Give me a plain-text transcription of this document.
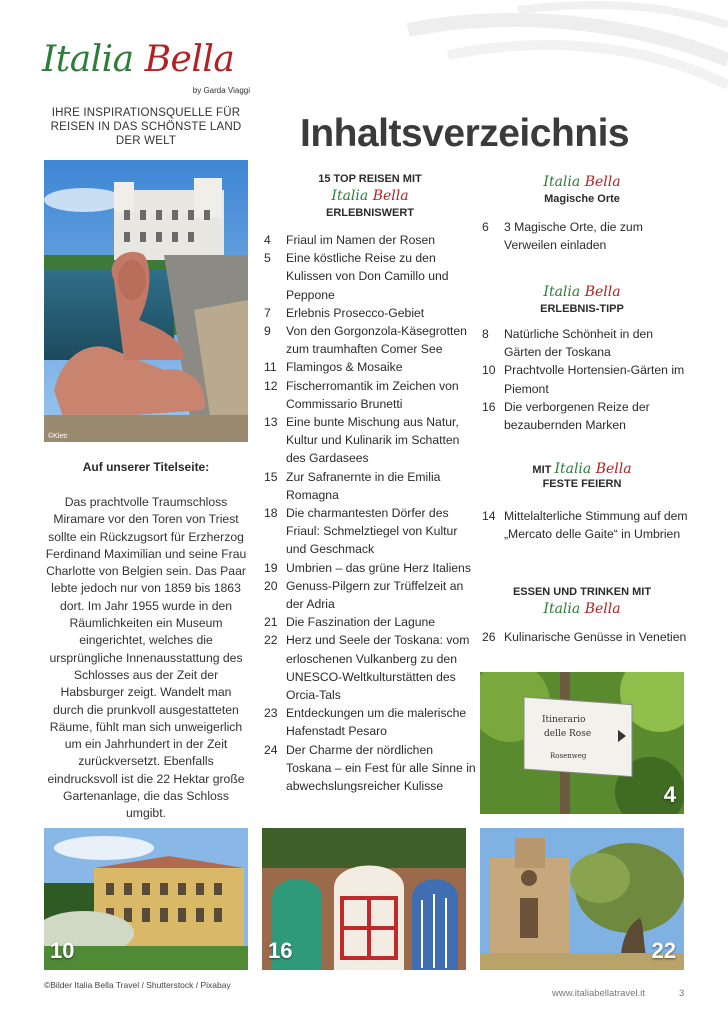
Italia Bella
by Garda Viaggi
IHRE INSPIRATIONSQUELLE FÜR REISEN IN DAS SCHÖNSTE LAND DER WELT
©Kletr
Auf unserer Titelseite:

Das prachtvolle Traumschloss Miramare vor den Toren von Triest sollte ein Rückzugsort für Erzherzog Ferdinand Maximilian und seine Frau Charlotte von Belgien sein. Das Paar lebte jedoch nur von 1859 bis 1863 dort. Im Jahr 1955 wurde in den Räumlichkeiten ein Museum eingerichtet, welches die ursprüngliche Innenausstattung des Schlosses aus der Zeit der Habsburger zeigt. Wandelt man durch die prunkvoll ausgestatteten Räume, fühlt man sich unweigerlich um ein Jahrhundert in der Zeit zurückversetzt. Ebenfalls eindrucksvoll ist die 22 Hektar große Gartenanlage, die das Schloss umgibt.

Inhaltsverzeichnis
15 TOP REISEN MIT
Italia Bella
ERLEBNISWERT
4	Friaul im Namen der Rosen
5	Eine köstliche Reise zu den Kulissen von Don Camillo und Peppone
7	Erlebnis Prosecco-Gebiet
9	Von den Gorgonzola-Käsegrotten zum traumhaften Comer See
11 Flamingos & Mosaike
12 Fischerromantik im Zeichen von Commissario Brunetti
13 Eine bunte Mischung aus Natur, Kultur und Kulinarik im Schatten des Gardasees
15 Zur Safranernte in die Emilia Romagna
18 Die charmantesten Dörfer des Friaul: Schmelztiegel von Kultur und Geschmack
19 Umbrien – das grüne Herz Italiens
20 Genuss-Pilgern zur Trüffelzeit an der Adria
21 Die Faszination der Lagune
22 Herz und Seele der Toskana: vom erloschenen Vulkanberg zu den UNESCO-Weltkulturstätten des Orcia-Tals
23 Entdeckungen um die malerische Hafenstadt Pesaro
24 Der Charme der nördlichen Toskana – ein Fest für alle Sinne in abwechslungsreicher Kulisse
Italia Bella
Magische Orte
6	3 Magische Orte, die zum Verweilen einladen
Italia Bella
ERLEBNIS-TIPP
8	Natürliche Schönheit in den Gärten der Toskana
10 Prachtvolle Hortensien-Gärten im Piemont
16 Die verborgenen Reize der bezaubernden Marken
MIT Italia Bella
FESTE FEIERN
14 Mittelalterliche Stimmung auf dem „Mercato delle Gaite“ in Umbrien
ESSEN UND TRINKEN MIT
Italia Bella
26 Kulinarische Genüsse in Venetien
Itinerario
delle Rose
Rosenweg
4
10	16	22
©Bilder Italia Bella Travel / Shutterstock / Pixabay
www.italiabellatravel.it	3
